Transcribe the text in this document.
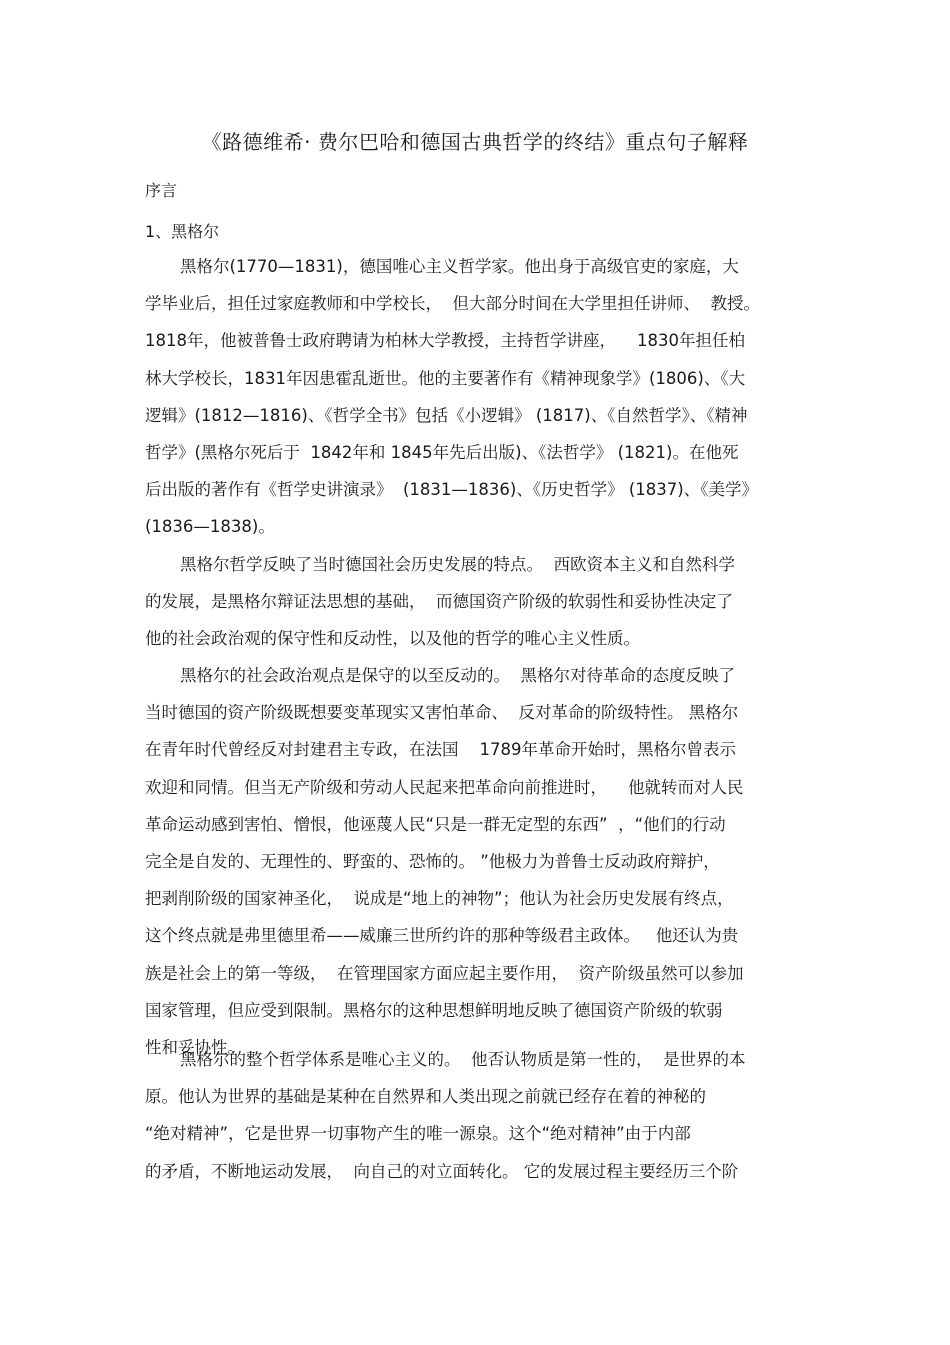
《路德维希· 费尔巴哈和德国古典哲学的终结》重点句子解释
序言
1、黑格尔
黑格尔(1770—1831)，德国唯心主义哲学家。他出身于高级官吏的家庭，大
学毕业后，担任过家庭教师和中学校长，  但大部分时间在大学里担任讲师、  教授。
1818年，他被普鲁士政府聘请为柏林大学教授，主持哲学讲座，    1830年担任柏
林大学校长，1831年因患霍乱逝世。他的主要著作有《精神现象学》(1806)、《大
逻辑》(1812—1816)、《哲学全书》包括《小逻辑》 (1817)、《自然哲学》、《精神
哲学》(黑格尔死后于  1842年和 1845年先后出版)、《法哲学》 (1821)。在他死
后出版的著作有《哲学史讲演录》  (1831—1836)、《历史哲学》 (1837)、《美学》
(1836—1838)。
黑格尔哲学反映了当时德国社会历史发展的特点。  西欧资本主义和自然科学
的发展，是黑格尔辩证法思想的基础，  而德国资产阶级的软弱性和妥协性决定了
他的社会政治观的保守性和反动性，以及他的哲学的唯心主义性质。
黑格尔的社会政治观点是保守的以至反动的。  黑格尔对待革命的态度反映了
当时德国的资产阶级既想要变革现实又害怕革命、  反对革命的阶级特性。 黑格尔
在青年时代曾经反对封建君主专政，在法国    1789年革命开始时，黑格尔曾表示
欢迎和同情。但当无产阶级和劳动人民起来把革命向前推进时，    他就转而对人民
革命运动感到害怕、憎恨，他诬蔑人民“只是一群无定型的东西”  ，“他们的行动
完全是自发的、无理性的、野蛮的、恐怖的。 ”他极力为普鲁士反动政府辩护，
把剥削阶级的国家神圣化，  说成是“地上的神物”；他认为社会历史发展有终点，
这个终点就是弗里德里希——威廉三世所约许的那种等级君主政体。   他还认为贵
族是社会上的第一等级，  在管理国家方面应起主要作用，  资产阶级虽然可以参加
国家管理，但应受到限制。黑格尔的这种思想鲜明地反映了德国资产阶级的软弱
性和妥协性。
黑格尔的整个哲学体系是唯心主义的。  他否认物质是第一性的，  是世界的本
原。他认为世界的基础是某种在自然界和人类出现之前就已经存在着的神秘的
“绝对精神”，它是世界一切事物产生的唯一源泉。这个“绝对精神”由于内部
的矛盾，不断地运动发展，  向自己的对立面转化。 它的发展过程主要经历三个阶
